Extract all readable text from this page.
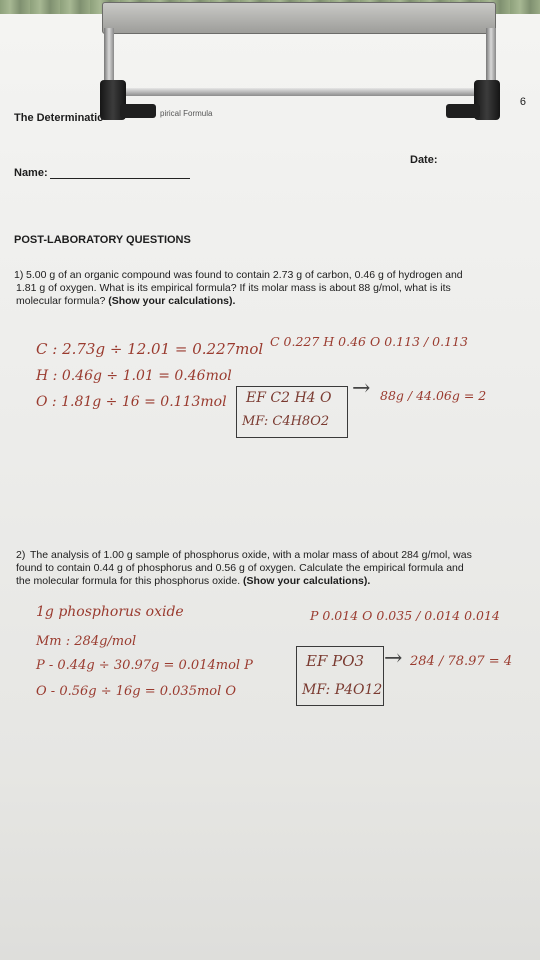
6
The Determinatic	pirical Formula
Name:
Date:
POST-LABORATORY QUESTIONS
1) 5.00 g of an organic compound was found to contain 2.73 g of carbon, 0.46 g of hydrogen and
1.81 g of oxygen. What is its empirical formula? If its molar mass is about 88 g/mol, what is its
molecular formula? (Show your calculations).
C : 2.73g ÷ 12.01 = 0.227mol
H : 0.46g ÷ 1.01 = 0.46mol
O : 1.81g ÷ 16 = 0.113mol
C 0.227 H 0.46 O 0.113 / 0.113
EF C2 H4 O
MF: C4H8O2
→ 88g / 44.06g = 2
2) The analysis of 1.00 g sample of phosphorus oxide, with a molar mass of about 284 g/mol, was
found to contain 0.44 g of phosphorus and 0.56 g of oxygen. Calculate the empirical formula and
the molecular formula for this phosphorus oxide. (Show your calculations).
1g phosphorus oxide
Mm : 284g/mol
P - 0.44g ÷ 30.97g = 0.014mol P
O - 0.56g ÷ 16g = 0.035mol O
P 0.014 O 0.035 / 0.014 0.014
EF PO3
MF: P4O12
→ 284 / 78.97 = 4
